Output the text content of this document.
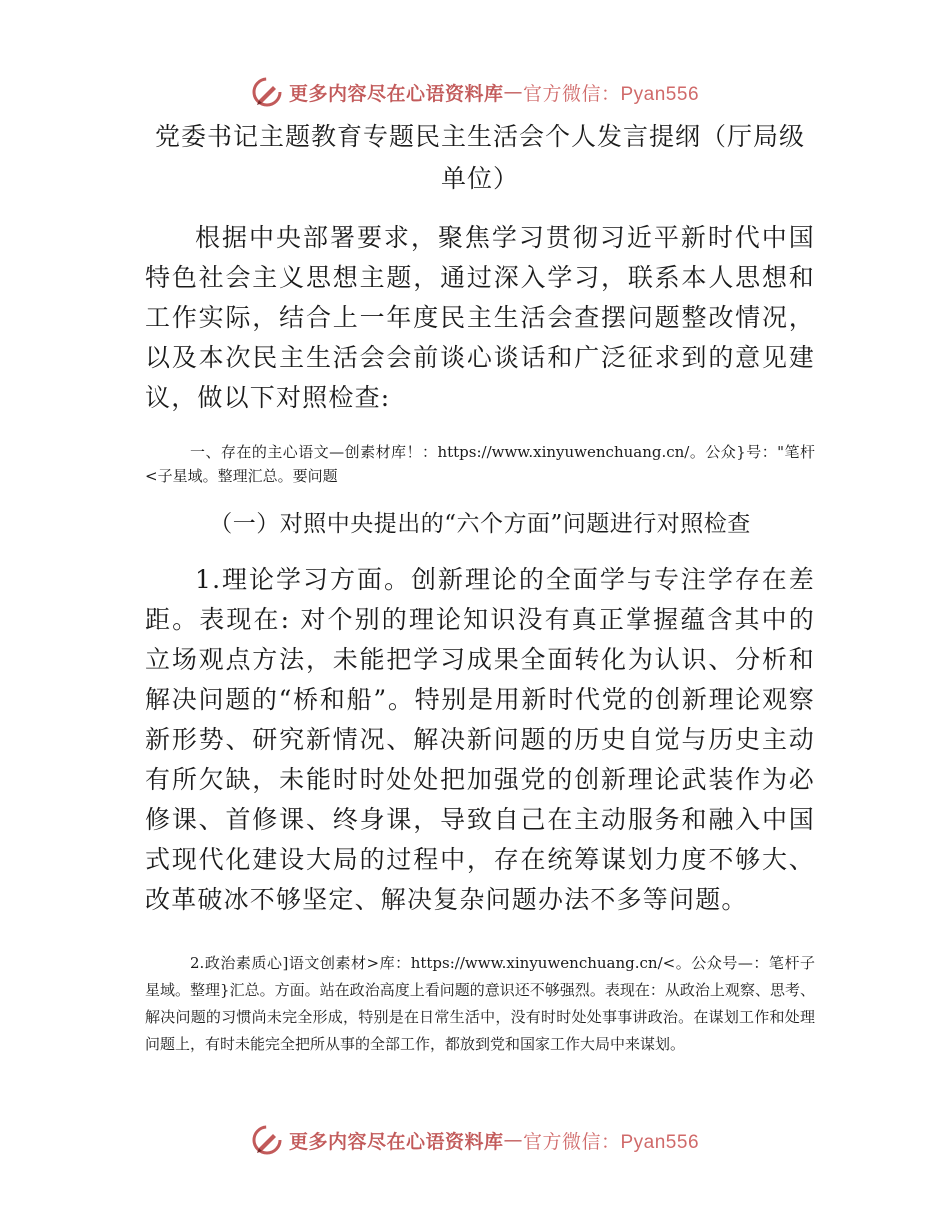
更多内容尽在心语资料库 — 官方微信：Pyan556
党委书记主题教育专题民主生活会个人发言提纲（厅局级单位）

根据中央部署要求，聚焦学习贯彻习近平新时代中国特色社会主义思想主题，通过深入学习，联系本人思想和工作实际，结合上一年度民主生活会查摆问题整改情况，以及本次民主生活会会前谈心谈话和广泛征求到的意见建议，做以下对照检查:

一、存在的主心语文—创素材库！：https://www.xinyuwenchuang.cn/。公众}号："笔杆<子星域。整理汇总。要问题

（一）对照中央提出的“六个方面”问题进行对照检查

1.理论学习方面。创新理论的全面学与专注学存在差距。表现在: 对个别的理论知识没有真正掌握蕴含其中的立场观点方法，未能把学习成果全面转化为认识、分析和解决问题的“桥和船”。特别是用新时代党的创新理论观察新形势、研究新情况、解决新问题的历史自觉与历史主动有所欠缺，未能时时处处把加强党的创新理论武装作为必修课、首修课、终身课，导致自己在主动服务和融入中国式现代化建设大局的过程中，存在统筹谋划力度不够大、改革破冰不够坚定、解决复杂问题办法不多等问题。

2.政治素质心]语文创素材>库：https://www.xinyuwenchuang.cn/<。公众号—：笔杆子星域。整理}汇总。方面。站在政治高度上看问题的意识还不够强烈。表现在：从政治上观察、思考、解决问题的习惯尚未完全形成，特别是在日常生活中，没有时时处处事事讲政治。在谋划工作和处理问题上，有时未能完全把所从事的全部工作，都放到党和国家工作大局中来谋划。

更多内容尽在心语资料库 — 官方微信：Pyan556
